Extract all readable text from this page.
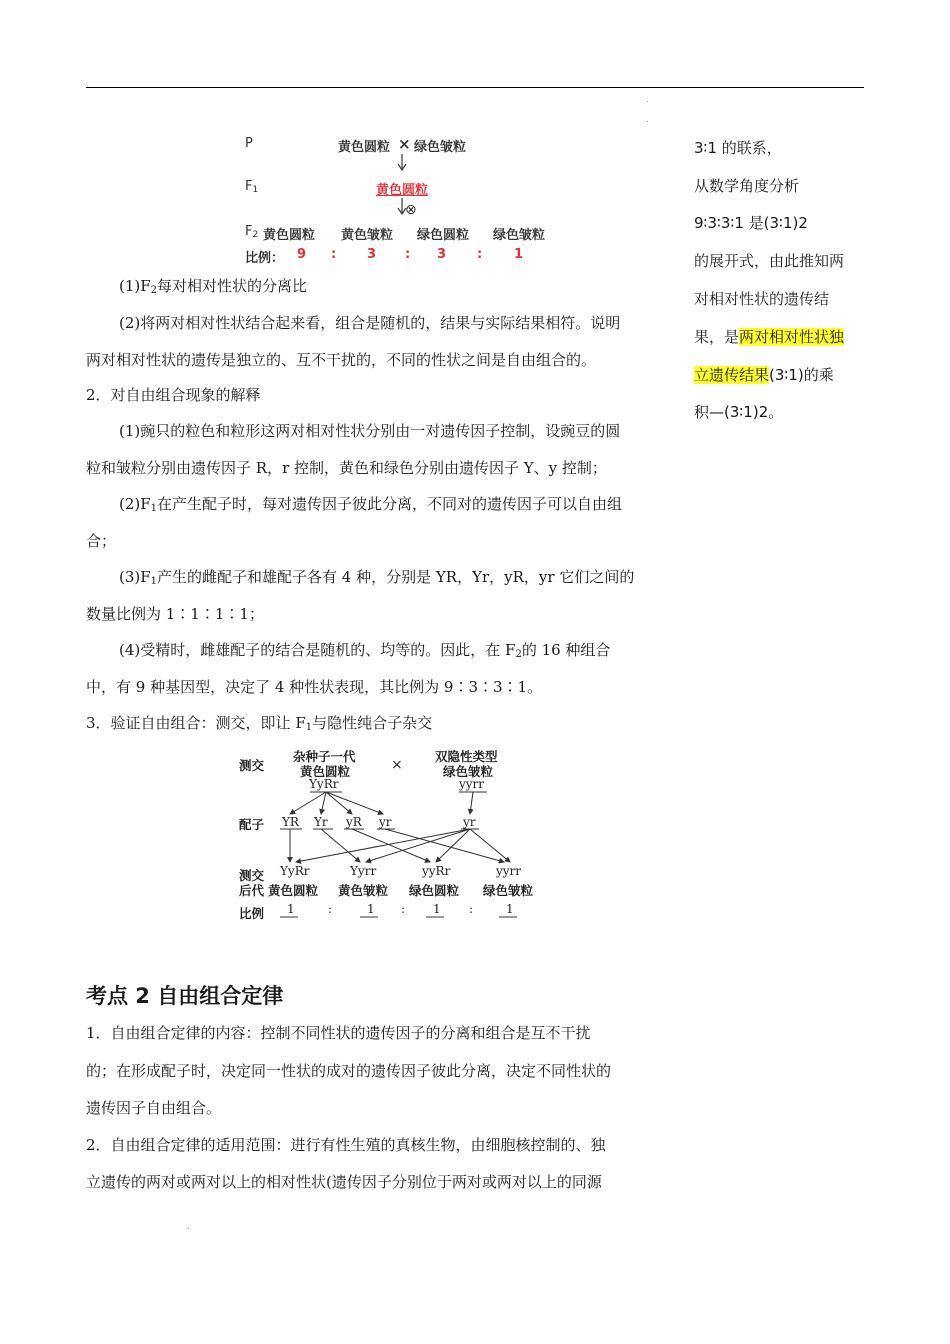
P	黄色圆粒 × 绿色皱粒
$F_1$	黄色圆粒
⊗
$F_2$ 黄色圆粒 黄色皱粒 绿色圆粒 绿色皱粒
比例： 9 : 3 : 3 : 1
$(1)F_2$每对相对性状的分离比
(2)将两对相对性状结合起来看，组合是随机的，结果与实际结果相符。说明
两对相对性状的遗传是独立的、互不干扰的，不同的性状之间是自由组合的。
2．对自由组合现象的解释
(1)豌只的粒色和粒形这两对相对性状分别由一对遗传因子控制，设豌豆的圆
粒和皱粒分别由遗传因子 R，r 控制，黄色和绿色分别由遗传因子 Y、y 控制；
$(2)F_1$在产生配子时，每对遗传因子彼此分离，不同对的遗传因子可以自由组
合；
$(3)F_1$产生的雌配子和雄配子各有 4 种，分别是 YR，Yr，yR，yr 它们之间的
数量比例为 1∶1∶1∶1；
(4)受精时，雌雄配子的结合是随机的、均等的。因此，在 $F_2$的 16 种组合
中，有 9 种基因型，决定了 4 种性状表现，其比例为 9∶3∶3∶1。
3．验证自由组合：测交，即让 $F_1$与隐性纯合子杂交
测交
杂种子一代
黄色圆粒
YyRr
×
双隐性类型
绿色皱粒
yyrr
配子 YR Yr yR yr	yr
测交
后代
YyRr	Yyrr	yyRr	yyrr
黄色圆粒 黄色皱粒 绿色圆粒 绿色皱粒
比例 1	:	1 : 1 :	1
考点 2 自由组合定律
1．自由组合定律的内容：控制不同性状的遗传因子的分离和组合是互不干扰
的；在形成配子时，决定同一性状的成对的遗传因子彼此分离，决定不同性状的
遗传因子自由组合。
2．自由组合定律的适用范围：进行有性生殖的真核生物，由细胞核控制的、独
立遗传的两对或两对以上的相对性状(遗传因子分别位于两对或两对以上的同源
3∶1 的联系，
从数学角度分析
9∶3∶3∶1 是(3∶1)2
的展开式，由此推知两
对相对性状的遗传结
果，是两对相对性状独
立遗传结果(3∶1)的乘
积—(3∶1)2。
